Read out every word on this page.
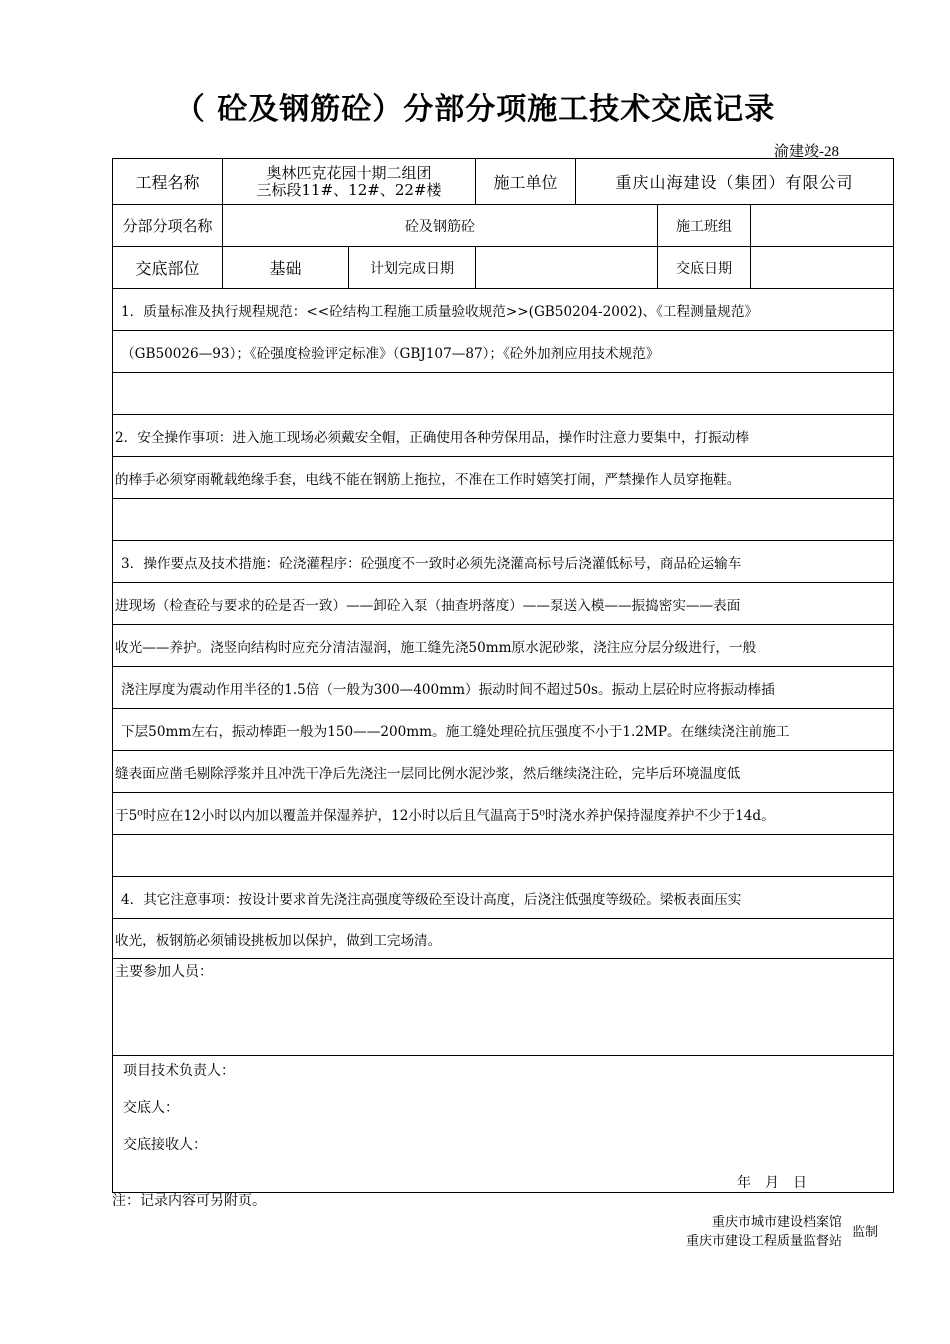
（ 砼及钢筋砼）分部分项施工技术交底记录
渝建竣-28
工程名称	奥林匹克花园十期二组团
三标段11#、12#、22#楼		施工单位	重庆山海建设（集团）有限公司		
分部分项名称	砼及钢筋砼				施工班组	
交底部位	基础	计划完成日期			交底日期	
1．质量标准及执行规程规范：<<砼结构工程施工质量验收规范>>(GB50204-2002)、《工程测量规范》						
（GB50026—93）；《砼强度检验评定标准》（GBJ107—87）；《砼外加剂应用技术规范》						

2．安全操作事项：进入施工现场必须戴安全帽，正确使用各种劳保用品，操作时注意力要集中，打振动棒						
的棒手必须穿雨靴载绝缘手套，电线不能在钢筋上拖拉，不准在工作时嬉笑打闹，严禁操作人员穿拖鞋。						

3．操作要点及技术措施：砼浇灌程序：砼强度不一致时必须先浇灌高标号后浇灌低标号，商品砼运输车						
进现场（检查砼与要求的砼是否一致）——卸砼入泵（抽查坍落度）——泵送入模——振捣密实——表面						
收光——养护。浇竖向结构时应充分清洁湿润，施工缝先浇50mm原水泥砂浆，浇注应分层分级进行，一般						
浇注厚度为震动作用半径的1.5倍（一般为300—400mm）振动时间不超过50s。振动上层砼时应将振动棒插						
下层50mm左右，振动棒距一般为150——200mm。施工缝处理砼抗压强度不小于1.2MP。在继续浇注前施工						
缝表面应凿毛剔除浮浆并且冲洗干净后先浇注一层同比例水泥沙浆，然后继续浇注砼，完毕后环境温度低						
于5⁰时应在12小时以内加以覆盖并保湿养护，12小时以后且气温高于5⁰时浇水养护保持湿度养护不少于14d。						

4．其它注意事项：按设计要求首先浇注高强度等级砼至设计高度，后浇注低强度等级砼。梁板表面压实						
收光，板钢筋必须铺设挑板加以保护，做到工完场清。						
主要参加人员：						

项目技术负责人：
交底人：
交底接收人：
年月日						
注：记录内容可另附页。
重庆市城市建设档案馆
重庆市建设工程质量监督站
监制
